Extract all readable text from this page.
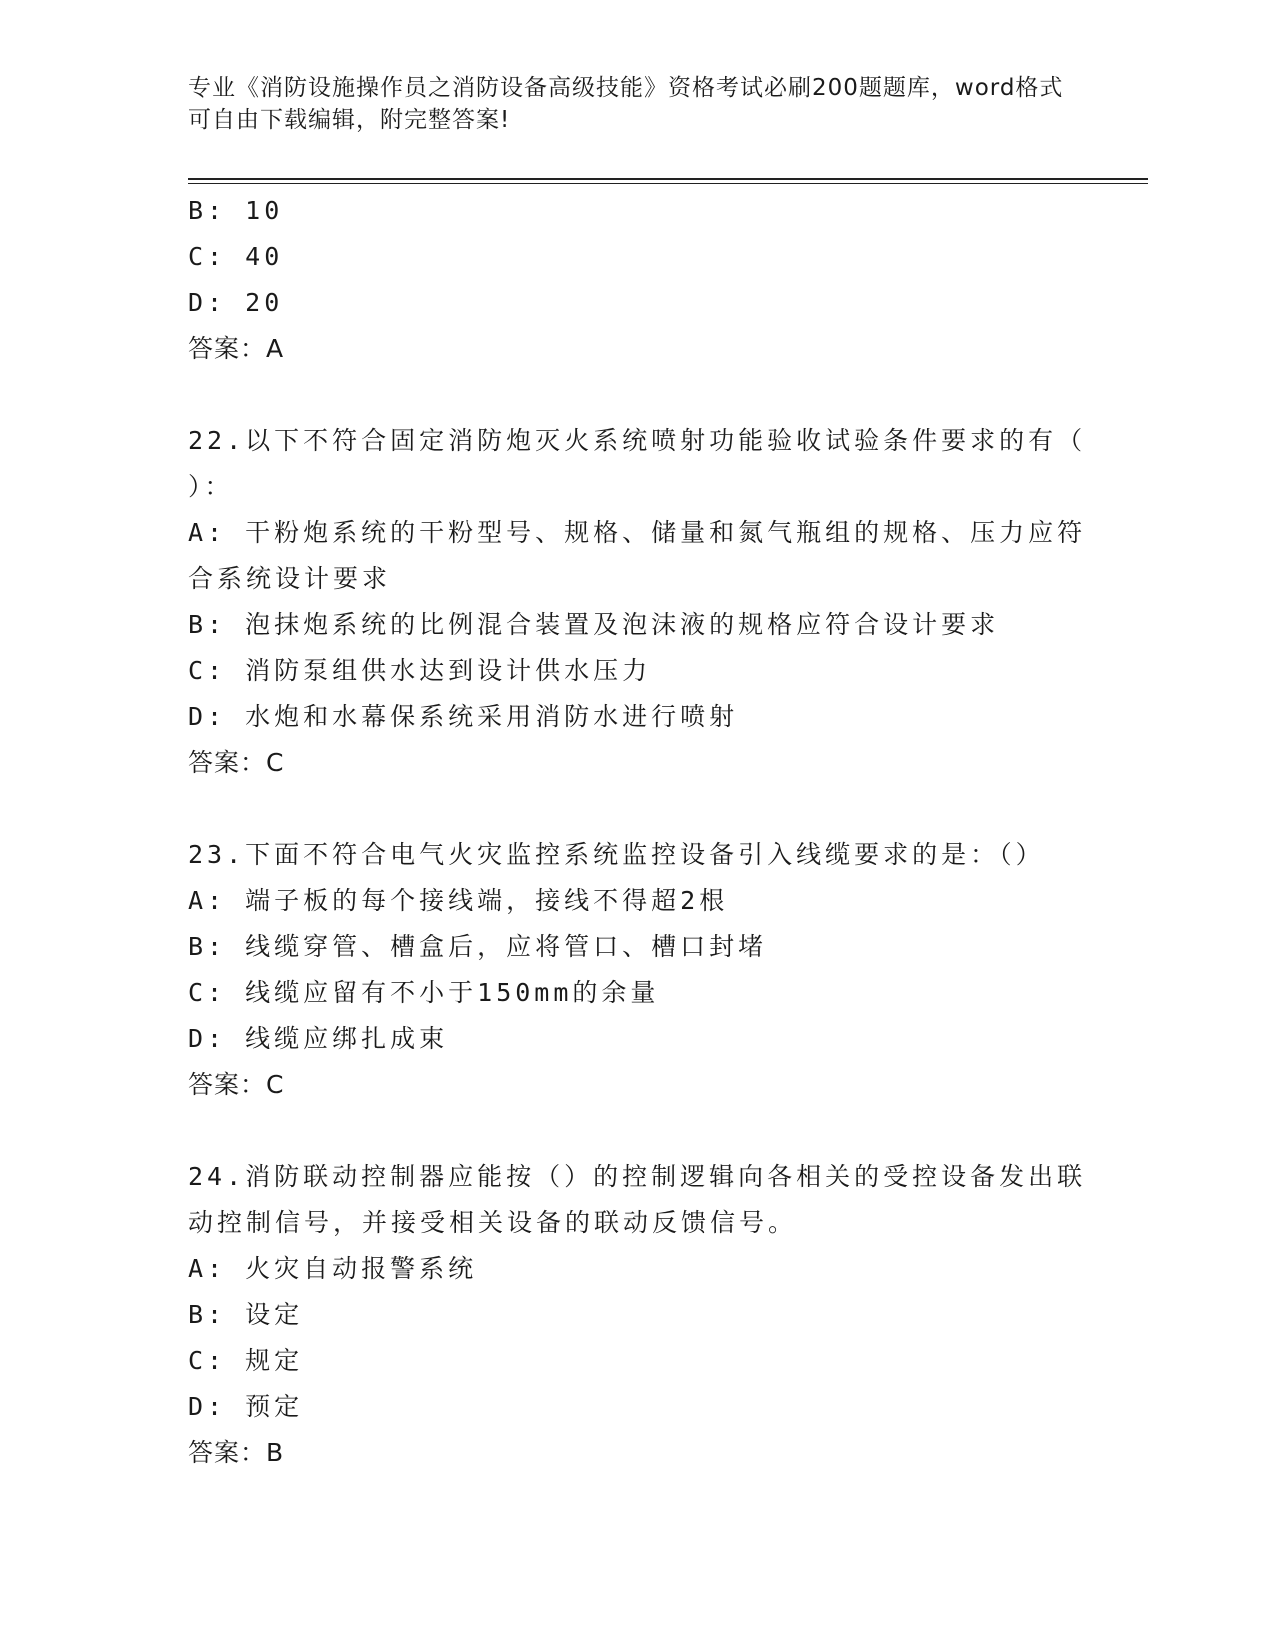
专业《消防设施操作员之消防设备高级技能》资格考试必刷200题题库，word格式可自由下载编辑，附完整答案!
B: 10
C: 40
D: 20
答案：A
22.以下不符合固定消防炮灭火系统喷射功能验收试验条件要求的有（ ）：
A: 干粉炮系统的干粉型号、规格、储量和氮气瓶组的规格、压力应符合系统设计要求
B: 泡抹炮系统的比例混合装置及泡沫液的规格应符合设计要求
C: 消防泵组供水达到设计供水压力
D: 水炮和水幕保系统采用消防水进行喷射
答案：C
23.下面不符合电气火灾监控系统监控设备引入线缆要求的是：（）
A: 端子板的每个接线端，接线不得超2根
B: 线缆穿管、槽盒后，应将管口、槽口封堵
C: 线缆应留有不小于150mm的余量
D: 线缆应绑扎成束
答案：C
24.消防联动控制器应能按（）的控制逻辑向各相关的受控设备发出联动控制信号，并接受相关设备的联动反馈信号。
A: 火灾自动报警系统
B: 设定
C: 规定
D: 预定
答案：B
